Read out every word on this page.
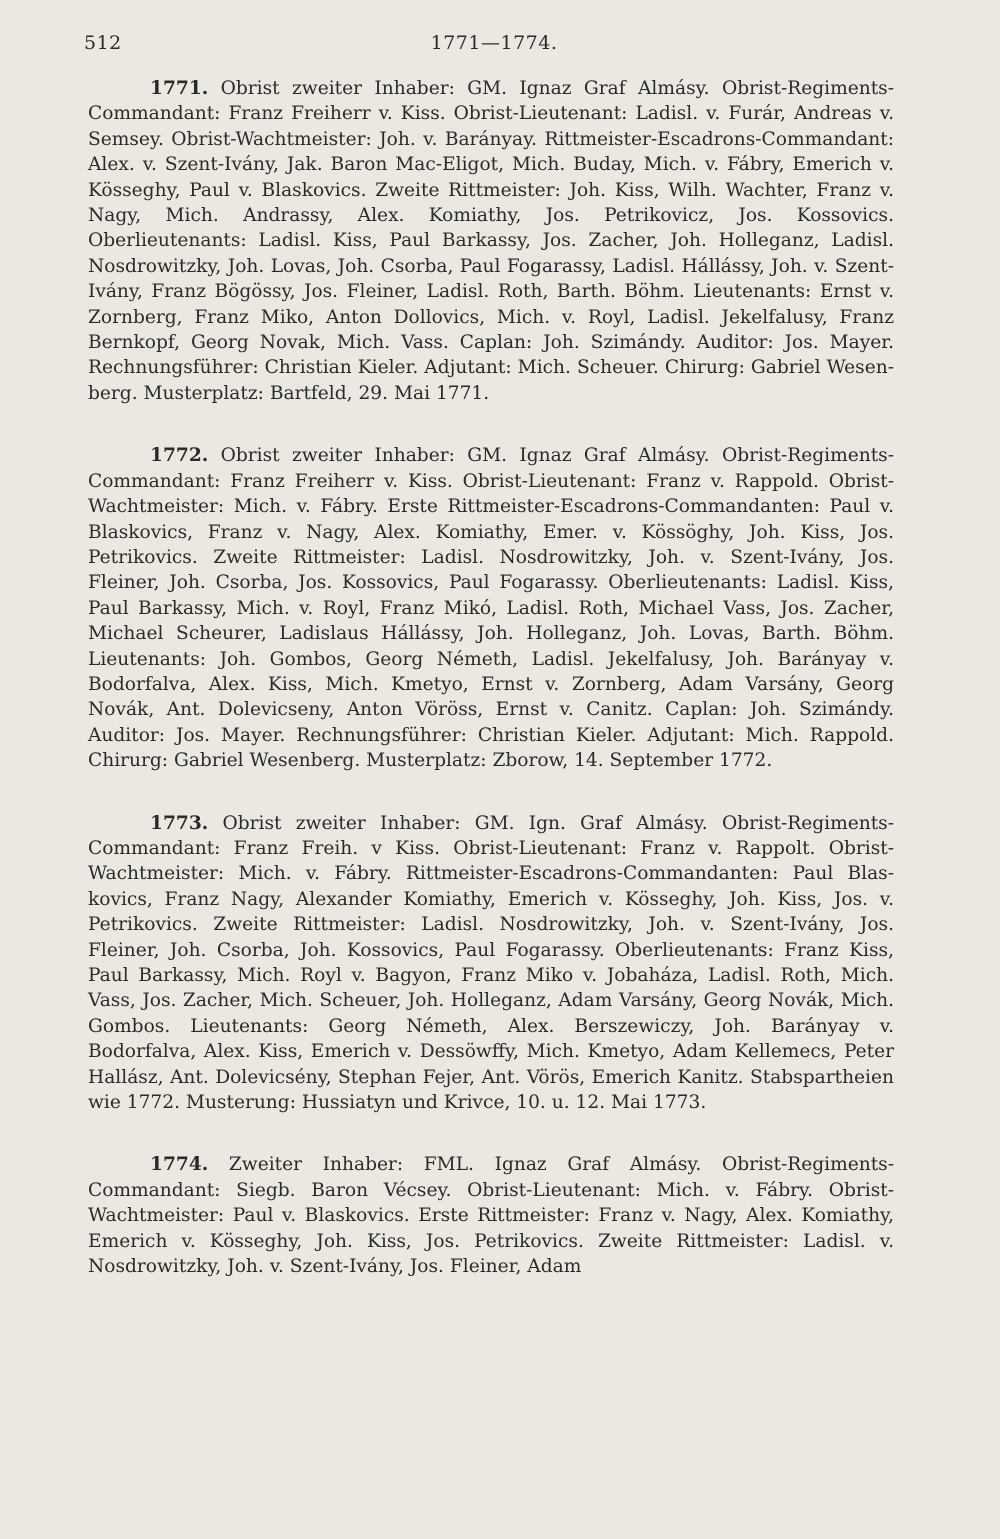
512	1771—1774.

1771. Obrist zweiter Inhaber: GM. Ignaz Graf Almásy. Obrist-Regiments-Commandant: Franz Freiherr v. Kiss. Obrist-Lieutenant: Ladisl. v. Furár, Andreas v. Semsey. Obrist-Wachtmeister: Joh. v. Barányay. Rittmeister-Escadrons-Commandant: Alex. v. Szent-Ivány, Jak. Baron Mac-Eligot, Mich. Buday, Mich. v. Fábry, Emerich v. Kösseghy, Paul v. Blaskovics. Zweite Rittmeister: Joh. Kiss, Wilh. Wachter, Franz v. Nagy, Mich. Andrassy, Alex. Komiathy, Jos. Petrikovicz, Jos. Kossovics. Oberlieutenants: Ladisl. Kiss, Paul Barkassy, Jos. Zacher, Joh. Holleganz, Ladisl. Nosdrowitzky, Joh. Lovas, Joh. Csorba, Paul Fogarassy, Ladisl. Hállássy, Joh. v. Szent-Ivány, Franz Bögössy, Jos. Fleiner, Ladisl. Roth, Barth. Böhm. Lieutenants: Ernst v. Zornberg, Franz Miko, Anton Dollovics, Mich. v. Royl, Ladisl. Jekelfalusy, Franz Bernkopf, Georg Novak, Mich. Vass. Caplan: Joh. Szimándy. Auditor: Jos. Mayer. Rechnungsführer: Christian Kieler. Adjutant: Mich. Scheuer. Chirurg: Gabriel Wesenberg. Musterplatz: Bartfeld, 29. Mai 1771.

1772. Obrist zweiter Inhaber: GM. Ignaz Graf Almásy. Obrist-Regiments-Commandant: Franz Freiherr v. Kiss. Obrist-Lieutenant: Franz v. Rappold. Obrist-Wachtmeister: Mich. v. Fábry. Erste Rittmeister-Escadrons-Commandanten: Paul v. Blaskovics, Franz v. Nagy, Alex. Komiathy, Emer. v. Kössöghy, Joh. Kiss, Jos. Petrikovics. Zweite Rittmeister: Ladisl. Nosdrowitzky, Joh. v. Szent-Ivány, Jos. Fleiner, Joh. Csorba, Jos. Kossovics, Paul Fogarassy. Oberlieutenants: Ladisl. Kiss, Paul Barkassy, Mich. v. Royl, Franz Mikó, Ladisl. Roth, Michael Vass, Jos. Zacher, Michael Scheurer, Ladislaus Hállássy, Joh. Holleganz, Joh. Lovas, Barth. Böhm. Lieutenants: Joh. Gombos, Georg Németh, Ladisl. Jekelfalusy, Joh. Barányay v. Bodorfalva, Alex. Kiss, Mich. Kmetyo, Ernst v. Zornberg, Adam Varsány, Georg Novák, Ant. Dolevicseny, Anton Vöröss, Ernst v. Canitz. Caplan: Joh. Szimándy. Auditor: Jos. Mayer. Rechnungsführer: Christian Kieler. Adjutant: Mich. Rappold. Chirurg: Gabriel Wesenberg. Musterplatz: Zborow, 14. September 1772.

1773. Obrist zweiter Inhaber: GM. Ign. Graf Almásy. Obrist-Regiments-Commandant: Franz Freih. v Kiss. Obrist-Lieutenant: Franz v. Rappolt. Obrist-Wachtmeister: Mich. v. Fábry. Rittmeister-Escadrons-Commandanten: Paul Blaskovics, Franz Nagy, Alexander Komiathy, Emerich v. Kösseghy, Joh. Kiss, Jos. v. Petrikovics. Zweite Rittmeister: Ladisl. Nosdrowitzky, Joh. v. Szent-Ivány, Jos. Fleiner, Joh. Csorba, Joh. Kossovics, Paul Fogarassy. Oberlieutenants: Franz Kiss, Paul Barkassy, Mich. Royl v. Bagyon, Franz Miko v. Jobaháza, Ladisl. Roth, Mich. Vass, Jos. Zacher, Mich. Scheuer, Joh. Holleganz, Adam Varsány, Georg Novák, Mich. Gombos. Lieutenants: Georg Németh, Alex. Berszewiczy, Joh. Barányay v. Bodorfalva, Alex. Kiss, Emerich v. Dessöwffy, Mich. Kmetyo, Adam Kellemecs, Peter Hallász, Ant. Dolevicsény, Stephan Fejer, Ant. Vörös, Emerich Kanitz. Stabspartheien wie 1772. Musterung: Hussiatyn und Krivce, 10. u. 12. Mai 1773.

1774. Zweiter Inhaber: FML. Ignaz Graf Almásy. Obrist-Regiments-Commandant: Siegb. Baron Vécsey. Obrist-Lieutenant: Mich. v. Fábry. Obrist-Wachtmeister: Paul v. Blaskovics. Erste Rittmeister: Franz v. Nagy, Alex. Komiathy, Emerich v. Kösseghy, Joh. Kiss, Jos. Petrikovics. Zweite Rittmeister: Ladisl. v. Nosdrowitzky, Joh. v. Szent-Ivány, Jos. Fleiner, Adam
